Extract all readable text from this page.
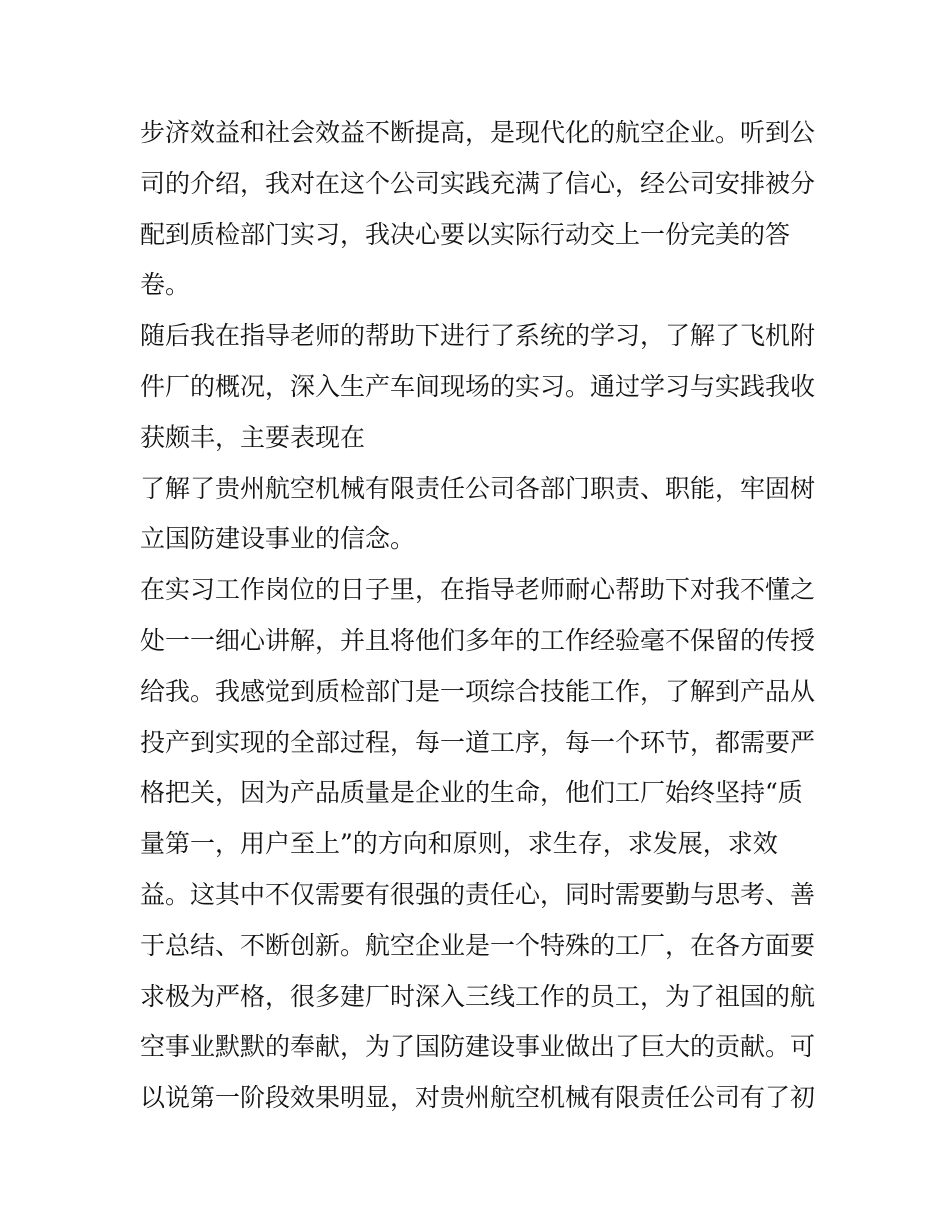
步济效益和社会效益不断提高，是现代化的航空企业。听到公
司的介绍，我对在这个公司实践充满了信心，经公司安排被分
配到质检部门实习，我决心要以实际行动交上一份完美的答
卷。
随后我在指导老师的帮助下进行了系统的学习，了解了飞机附
件厂的概况，深入生产车间现场的实习。通过学习与实践我收
获颇丰，主要表现在
了解了贵州航空机械有限责任公司各部门职责、职能，牢固树
立国防建设事业的信念。
在实习工作岗位的日子里，在指导老师耐心帮助下对我不懂之
处一一细心讲解，并且将他们多年的工作经验毫不保留的传授
给我。我感觉到质检部门是一项综合技能工作，了解到产品从
投产到实现的全部过程，每一道工序，每一个环节，都需要严
格把关，因为产品质量是企业的生命，他们工厂始终坚持“质
量第一，用户至上”的方向和原则，求生存，求发展，求效
益。这其中不仅需要有很强的责任心，同时需要勤与思考、善
于总结、不断创新。航空企业是一个特殊的工厂，在各方面要
求极为严格，很多建厂时深入三线工作的员工，为了祖国的航
空事业默默的奉献，为了国防建设事业做出了巨大的贡献。可
以说第一阶段效果明显，对贵州航空机械有限责任公司有了初
